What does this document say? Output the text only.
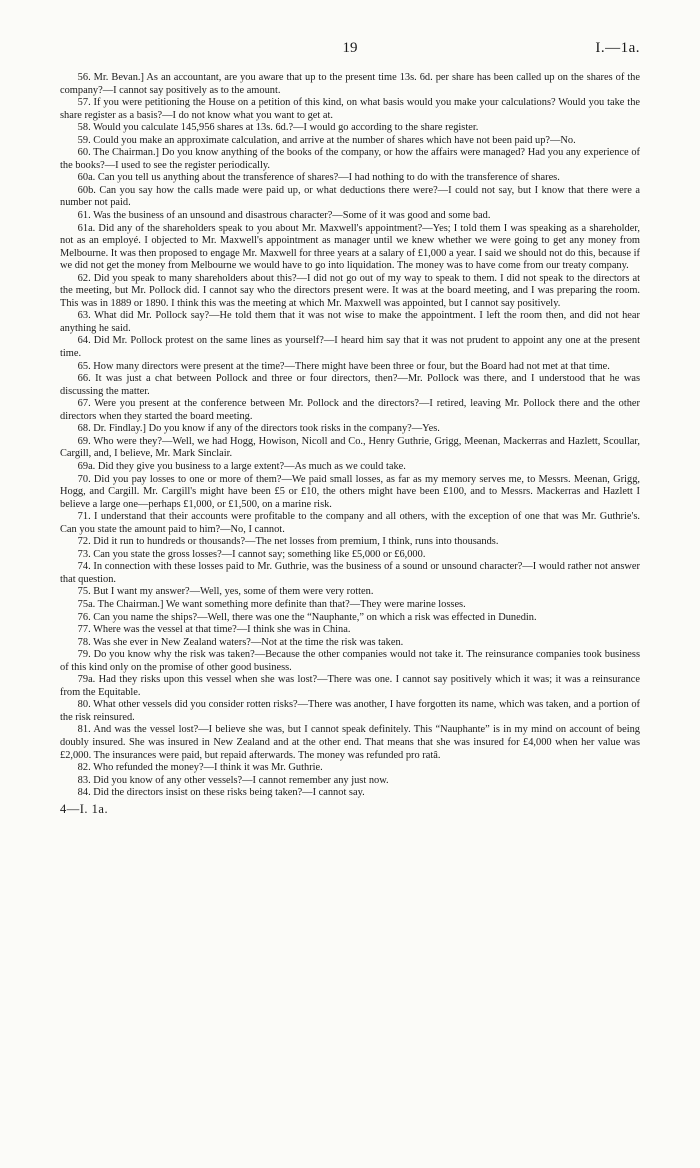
19	I.—1a.

56. Mr. Bevan.] As an accountant, are you aware that up to the present time 13s. 6d. per share has been called up on the shares of the company?—I cannot say positively as to the amount.

57. If you were petitioning the House on a petition of this kind, on what basis would you make your calculations? Would you take the share register as a basis?—I do not know what you want to get at.

58. Would you calculate 145,956 shares at 13s. 6d.?—I would go according to the share register.

59. Could you make an approximate calculation, and arrive at the number of shares which have not been paid up?—No.

60. The Chairman.] Do you know anything of the books of the company, or how the affairs were managed? Had you any experience of the books?—I used to see the register periodically.

60a. Can you tell us anything about the transference of shares?—I had nothing to do with the transference of shares.

60b. Can you say how the calls made were paid up, or what deductions there were?—I could not say, but I know that there were a number not paid.

61. Was the business of an unsound and disastrous character?—Some of it was good and some bad.

61a. Did any of the shareholders speak to you about Mr. Maxwell's appointment?—Yes; I told them I was speaking as a shareholder, not as an employé. I objected to Mr. Maxwell's appointment as manager until we knew whether we were going to get any money from Melbourne. It was then proposed to engage Mr. Maxwell for three years at a salary of £1,000 a year. I said we should not do this, because if we did not get the money from Melbourne we would have to go into liquidation. The money was to have come from our treaty company.

62. Did you speak to many shareholders about this?—I did not go out of my way to speak to them. I did not speak to the directors at the meeting, but Mr. Pollock did. I cannot say who the directors present were. It was at the board meeting, and I was preparing the room. This was in 1889 or 1890. I think this was the meeting at which Mr. Maxwell was appointed, but I cannot say positively.

63. What did Mr. Pollock say?—He told them that it was not wise to make the appointment. I left the room then, and did not hear anything he said.

64. Did Mr. Pollock protest on the same lines as yourself?—I heard him say that it was not prudent to appoint any one at the present time.

65. How many directors were present at the time?—There might have been three or four, but the Board had not met at that time.

66. It was just a chat between Pollock and three or four directors, then?—Mr. Pollock was there, and I understood that he was discussing the matter.

67. Were you present at the conference between Mr. Pollock and the directors?—I retired, leaving Mr. Pollock there and the other directors when they started the board meeting.

68. Dr. Findlay.] Do you know if any of the directors took risks in the company?—Yes.

69. Who were they?—Well, we had Hogg, Howison, Nicoll and Co., Henry Guthrie, Grigg, Meenan, Mackerras and Hazlett, Scoullar, Cargill, and, I believe, Mr. Mark Sinclair.

69a. Did they give you business to a large extent?—As much as we could take.

70. Did you pay losses to one or more of them?—We paid small losses, as far as my memory serves me, to Messrs. Meenan, Grigg, Hogg, and Cargill. Mr. Cargill's might have been £5 or £10, the others might have been £100, and to Messrs. Mackerras and Hazlett I believe a large one—perhaps £1,000, or £1,500, on a marine risk.

71. I understand that their accounts were profitable to the company and all others, with the exception of one that was Mr. Guthrie's. Can you state the amount paid to him?—No, I cannot.

72. Did it run to hundreds or thousands?—The net losses from premium, I think, runs into thousands.

73. Can you state the gross losses?—I cannot say; something like £5,000 or £6,000.

74. In connection with these losses paid to Mr. Guthrie, was the business of a sound or unsound character?—I would rather not answer that question.

75. But I want my answer?—Well, yes, some of them were very rotten.

75a. The Chairman.] We want something more definite than that?—They were marine losses.

76. Can you name the ships?—Well, there was one the “Nauphante,” on which a risk was effected in Dunedin.

77. Where was the vessel at that time?—I think she was in China.

78. Was she ever in New Zealand waters?—Not at the time the risk was taken.

79. Do you know why the risk was taken?—Because the other companies would not take it. The reinsurance companies took business of this kind only on the promise of other good business.

79a. Had they risks upon this vessel when she was lost?—There was one. I cannot say positively which it was; it was a reinsurance from the Equitable.

80. What other vessels did you consider rotten risks?—There was another, I have forgotten its name, which was taken, and a portion of the risk reinsured.

81. And was the vessel lost?—I believe she was, but I cannot speak definitely. This “Nauphante” is in my mind on account of being doubly insured. She was insured in New Zealand and at the other end. That means that she was insured for £4,000 when her value was £2,000. The insurances were paid, but repaid afterwards. The money was refunded pro ratâ.

82. Who refunded the money?—I think it was Mr. Guthrie.

83. Did you know of any other vessels?—I cannot remember any just now.

84. Did the directors insist on these risks being taken?—I cannot say.

4—I. 1a.
